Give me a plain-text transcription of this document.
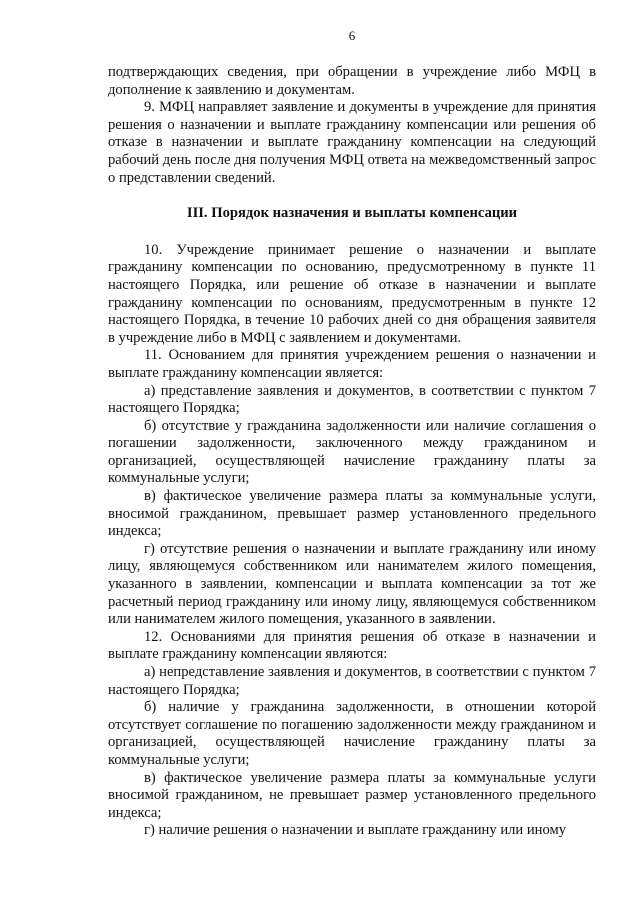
6

подтверждающих сведения, при обращении в учреждение либо МФЦ в дополнение к заявлению и документам.

9. МФЦ направляет заявление и документы в учреждение для принятия решения о назначении и выплате гражданину компенсации или решения об отказе в назначении и выплате гражданину компенсации на следующий рабочий день после дня получения МФЦ ответа на межведомственный запрос о представлении сведений.

III. Порядок назначения и выплаты компенсации

10. Учреждение принимает решение о назначении и выплате гражданину компенсации по основанию, предусмотренному в пункте 11 настоящего Порядка, или решение об отказе в назначении и выплате гражданину компенсации по основаниям, предусмотренным в пункте 12 настоящего Порядка, в течение 10 рабочих дней со дня обращения заявителя в учреждение либо в МФЦ с заявлением и документами.

11. Основанием для принятия учреждением решения о назначении и выплате гражданину компенсации является:

а) представление заявления и документов, в соответствии с пунктом 7 настоящего Порядка;

б) отсутствие у гражданина задолженности или наличие соглашения о погашении задолженности, заключенного между гражданином и организацией, осуществляющей начисление гражданину платы за коммунальные услуги;

в) фактическое увеличение размера платы за коммунальные услуги, вносимой гражданином, превышает размер установленного предельного индекса;

г) отсутствие решения о назначении и выплате гражданину или иному лицу, являющемуся собственником или нанимателем жилого помещения, указанного в заявлении, компенсации и выплата компенсации за тот же расчетный период гражданину или иному лицу, являющемуся собственником или нанимателем жилого помещения, указанного в заявлении.

12. Основаниями для принятия решения об отказе в назначении и выплате гражданину компенсации являются:

а) непредставление заявления и документов, в соответствии с пунктом 7 настоящего Порядка;

б) наличие у гражданина задолженности, в отношении которой отсутствует соглашение по погашению задолженности между гражданином и организацией, осуществляющей начисление гражданину платы за коммунальные услуги;

в) фактическое увеличение размера платы за коммунальные услуги вносимой гражданином, не превышает размер установленного предельного индекса;

г) наличие решения о назначении и выплате гражданину или иному
